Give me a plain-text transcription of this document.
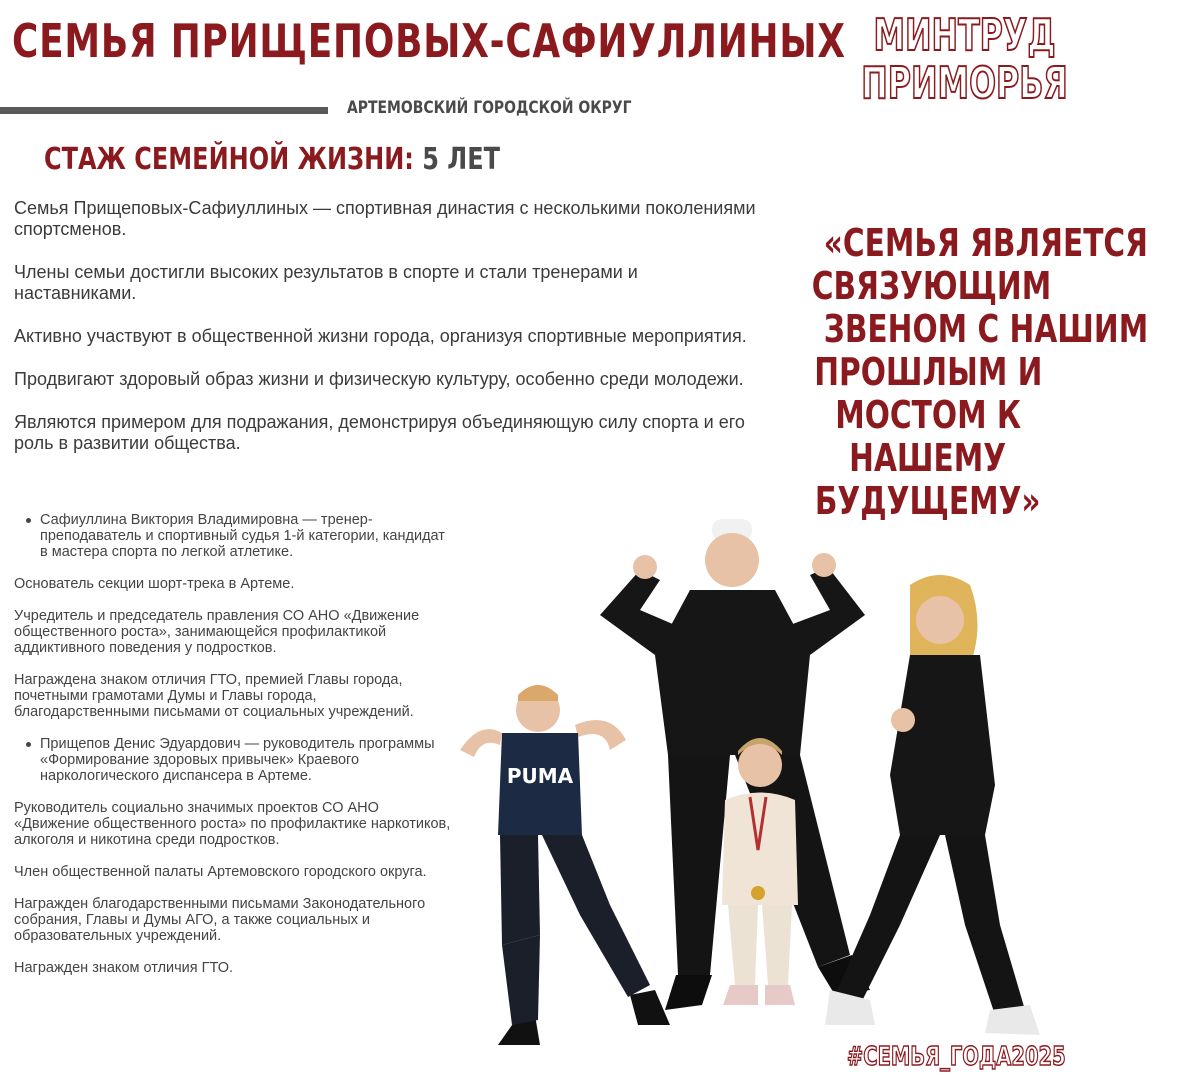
СЕМЬЯ ПРИЩЕПОВЫХ-САФИУЛЛИНЫХ МИНТРУД
ПРИМОРЬЯ
АРТЕМОВСКИЙ ГОРОДСКОЙ ОКРУГ
СТАЖ СЕМЕЙНОЙ ЖИЗНИ: 5 ЛЕТ

Семья Прищеповых-Сафиуллиных — спортивная династия с несколькими поколениями спортсменов.

Члены семьи достигли высоких результатов в спорте и стали тренерами и наставниками.

Активно участвуют в общественной жизни города, организуя спортивные мероприятия.

Продвигают здоровый образ жизни и физическую культуру, особенно среди молодежи.

Являются примером для подражания, демонстрируя объединяющую силу спорта и его роль в развитии общества.

«СЕМЬЯ ЯВЛЯЕТСЯ
СВЯЗУЮЩИМ
ЗВЕНОМ С НАШИМ
ПРОШЛЫМ И
МОСТОМ К
НАШЕМУ
БУДУЩЕМУ»
Сафиуллина Виктория Владимировна — тренер-преподаватель и спортивный судья 1-й категории, кандидат в мастера спорта по легкой атлетике.

Основатель секции шорт-трека в Артеме.

Учредитель и председатель правления СО АНО «Движение общественного роста», занимающейся профилактикой аддиктивного поведения у подростков.

Награждена знаком отличия ГТО, премией Главы города, почетными грамотами Думы и Главы города, благодарственными письмами от социальных учреждений.

Прищепов Денис Эдуардович — руководитель программы «Формирование здоровых привычек» Краевого наркологического диспансера в Артеме.

Руководитель социально значимых проектов СО АНО «Движение общественного роста» по профилактике наркотиков, алкоголя и никотина среди подростков.

Член общественной палаты Артемовского городского округа.

Награжден благодарственными письмами Законодательного собрания, Главы и Думы АГО, а также социальных и образовательных учреждений.

Награжден знаком отличия ГТО.

PUMA
#СЕМЬЯ_ГОДА2025
